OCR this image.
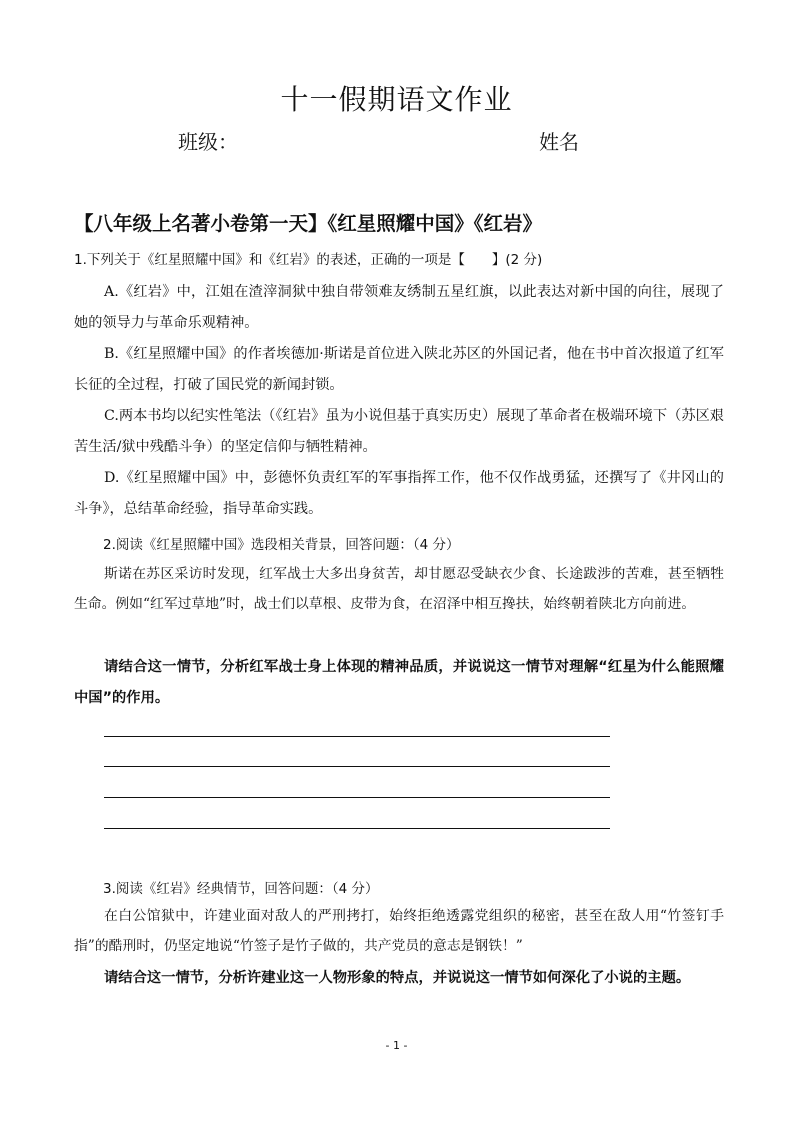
十一假期语文作业
班级：	姓名
【八年级上名著小卷第一天】《红星照耀中国》《红岩》
1.下列关于《红星照耀中国》和《红岩》的表述，正确的一项是【　　】(2 分)
A.《红岩》中，江姐在渣滓洞狱中独自带领难友绣制五星红旗，以此表达对新中国的向往，展现了她的领导力与革命乐观精神。
B.《红星照耀中国》的作者埃德加·斯诺是首位进入陕北苏区的外国记者，他在书中首次报道了红军长征的全过程，打破了国民党的新闻封锁。
C.两本书均以纪实性笔法（《红岩》虽为小说但基于真实历史）展现了革命者在极端环境下（苏区艰苦生活/狱中残酷斗争）的坚定信仰与牺牲精神。
D.《红星照耀中国》中，彭德怀负责红军的军事指挥工作，他不仅作战勇猛，还撰写了《井冈山的斗争》，总结革命经验，指导革命实践。
2.阅读《红星照耀中国》选段相关背景，回答问题：（4 分）
斯诺在苏区采访时发现，红军战士大多出身贫苦，却甘愿忍受缺衣少食、长途跋涉的苦难，甚至牺牲生命。例如“红军过草地”时，战士们以草根、皮带为食，在沼泽中相互搀扶，始终朝着陕北方向前进。
请结合这一情节，分析红军战士身上体现的精神品质，并说说这一情节对理解“红星为什么能照耀中国”的作用。
3.阅读《红岩》经典情节，回答问题：（4 分）
在白公馆狱中，许建业面对敌人的严刑拷打，始终拒绝透露党组织的秘密，甚至在敌人用“竹签钉手指”的酷刑时，仍坚定地说“竹签子是竹子做的，共产党员的意志是钢铁！”
请结合这一情节，分析许建业这一人物形象的特点，并说说这一情节如何深化了小说的主题。
- 1 -
